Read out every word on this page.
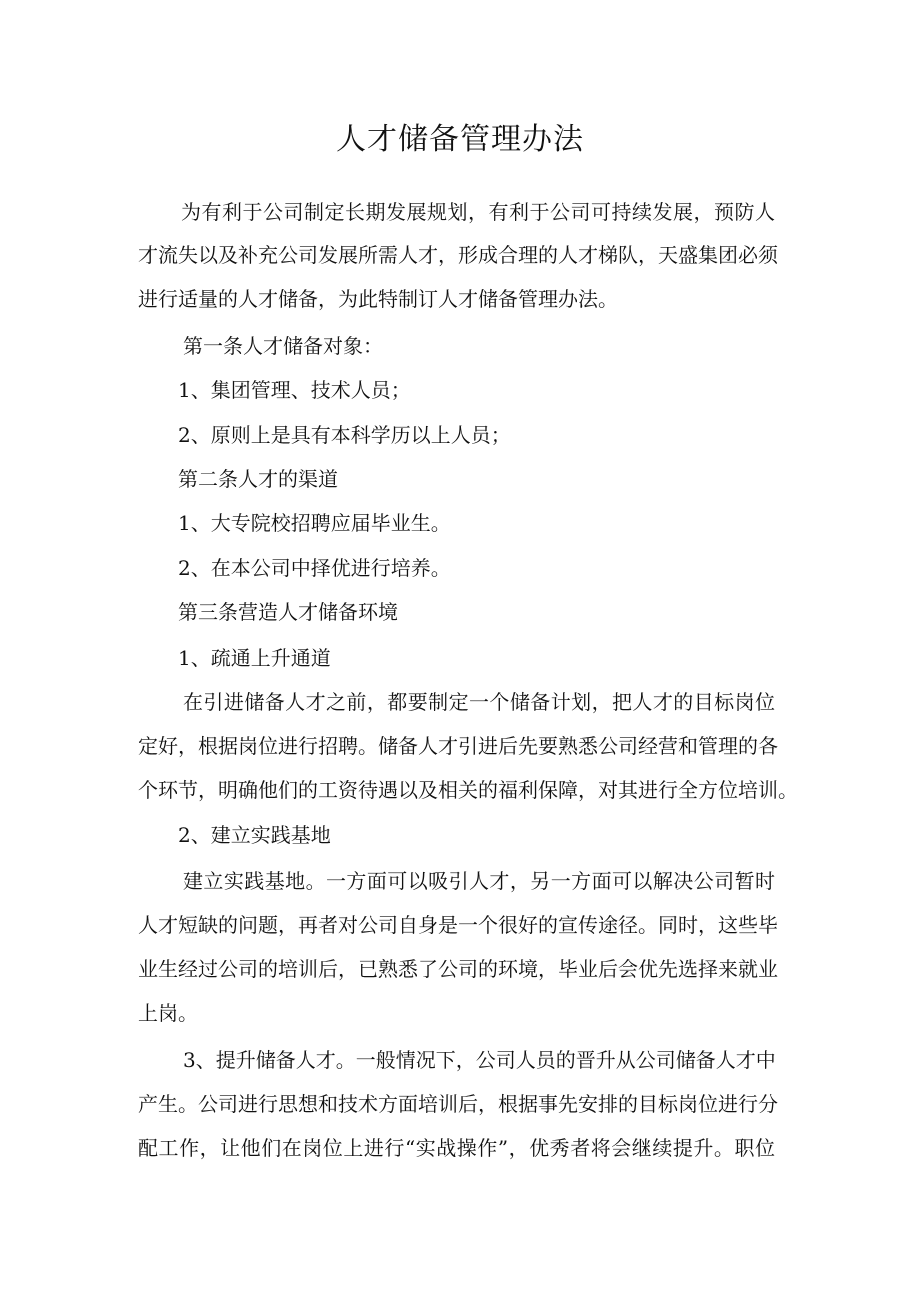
人才储备管理办法
为有利于公司制定长期发展规划，有利于公司可持续发展，预防人
才流失以及补充公司发展所需人才，形成合理的人才梯队，天盛集团必须
进行适量的人才储备，为此特制订人才储备管理办法。
第一条人才储备对象：
1、集团管理、技术人员；
2、原则上是具有本科学历以上人员；
第二条人才的渠道
1、大专院校招聘应届毕业生。
2、在本公司中择优进行培养。
第三条营造人才储备环境
1、疏通上升通道
在引进储备人才之前，都要制定一个储备计划，把人才的目标岗位
定好，根据岗位进行招聘。储备人才引进后先要熟悉公司经营和管理的各
个环节，明确他们的工资待遇以及相关的福利保障，对其进行全方位培训。
2、建立实践基地
建立实践基地。一方面可以吸引人才，另一方面可以解决公司暂时
人才短缺的问题，再者对公司自身是一个很好的宣传途径。同时，这些毕
业生经过公司的培训后，已熟悉了公司的环境，毕业后会优先选择来就业
上岗。
3、提升储备人才。一般情况下，公司人员的晋升从公司储备人才中
产生。公司进行思想和技术方面培训后，根据事先安排的目标岗位进行分
配工作，让他们在岗位上进行“实战操作”，优秀者将会继续提升。职位
